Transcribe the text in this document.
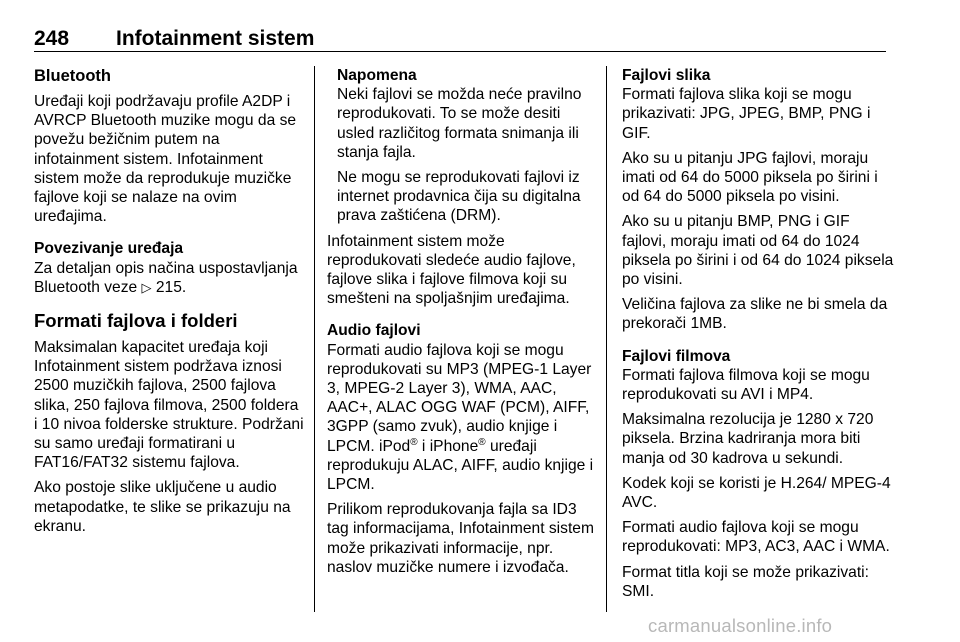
248 Infotainment sistem

Bluetooth

Uređaji koji podržavaju profile A2DP i AVRCP Bluetooth muzike mogu da se povežu bežičnim putem na infotainment sistem. Infotainment sistem može da reprodukuje muzičke fajlove koji se nalaze na ovim uređajima.

Povezivanje uređaja

Za detaljan opis načina uspostavljanja Bluetooth veze ▷ 215.

Formati fajlova i folderi

Maksimalan kapacitet uređaja koji Infotainment sistem podržava iznosi 2500 muzičkih fajlova, 2500 fajlova slika, 250 fajlova filmova, 2500 foldera i 10 nivoa folderske strukture. Podržani su samo uređaji formatirani u FAT16/FAT32 sistemu fajlova.

Ako postoje slike uključene u audio metapodatke, te slike se prikazuju na ekranu.

Napomena

Neki fajlovi se možda neće pravilno reprodukovati. To se može desiti usled različitog formata snimanja ili stanja fajla.

Ne mogu se reprodukovati fajlovi iz internet prodavnica čija su digitalna prava zaštićena (DRM).

Infotainment sistem može reprodukovati sledeće audio fajlove, fajlove slika i fajlove filmova koji su smešteni na spoljašnjim uređajima.

Audio fajlovi

Formati audio fajlova koji se mogu reprodukovati su MP3 (MPEG-1 Layer 3, MPEG-2 Layer 3), WMA, AAC, AAC+, ALAC OGG WAF (PCM), AIFF, 3GPP (samo zvuk), audio knjige i LPCM. iPod® i iPhone® uređaji reprodukuju ALAC, AIFF, audio knjige i LPCM.

Prilikom reprodukovanja fajla sa ID3 tag informacijama, Infotainment sistem može prikazivati informacije, npr. naslov muzičke numere i izvođača.

Fajlovi slika

Formati fajlova slika koji se mogu prikazivati: JPG, JPEG, BMP, PNG i GIF.

Ako su u pitanju JPG fajlovi, moraju imati od 64 do 5000 piksela po širini i od 64 do 5000 piksela po visini.

Ako su u pitanju BMP, PNG i GIF fajlovi, moraju imati od 64 do 1024 piksela po širini i od 64 do 1024 piksela po visini.

Veličina fajlova za slike ne bi smela da prekorači 1MB.

Fajlovi filmova

Formati fajlova filmova koji se mogu reprodukovati su AVI i MP4.

Maksimalna rezolucija je 1280 x 720 piksela. Brzina kadriranja mora biti manja od 30 kadrova u sekundi.

Kodek koji se koristi je H.264/ MPEG-4 AVC.

Formati audio fajlova koji se mogu reprodukovati: MP3, AC3, AAC i WMA.

Format titla koji se može prikazivati: SMI.

carmanualsonline.info
